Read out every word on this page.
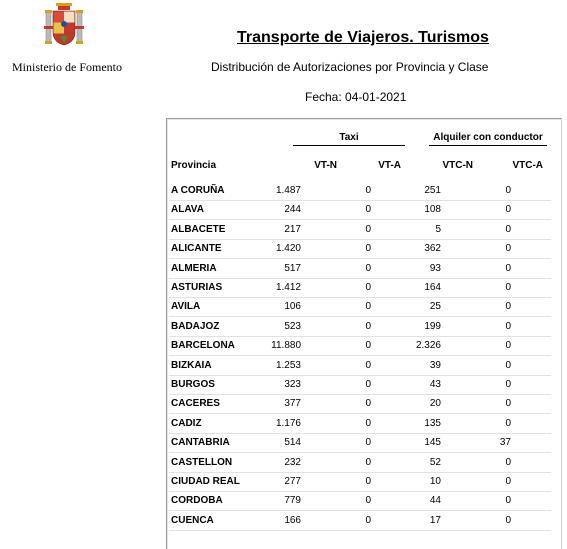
Ministerio de Fomento
Transporte de Viajeros. Turismos
Distribución de Autorizaciones por Provincia y Clase
Fecha: 04-01-2021
Taxi	Alquiler con conductor
Provincia	VT-N	VT-A	VTC-N	VTC-A
A CORUÑA	1.487	0	251	0
ALAVA	244	0	108	0
ALBACETE	217	0	5	0
ALICANTE	1.420	0	362	0
ALMERIA	517	0	93	0
ASTURIAS	1.412	0	164	0
AVILA	106	0	25	0
BADAJOZ	523	0	199	0
BARCELONA	11.880	0	2.326	0
BIZKAIA	1.253	0	39	0
BURGOS	323	0	43	0
CACERES	377	0	20	0
CADIZ	1.176	0	135	0
CANTABRIA	514	0	145	37
CASTELLON	232	0	52	0
CIUDAD REAL	277	0	10	0
CORDOBA	779	0	44	0
CUENCA	166	0	17	0
